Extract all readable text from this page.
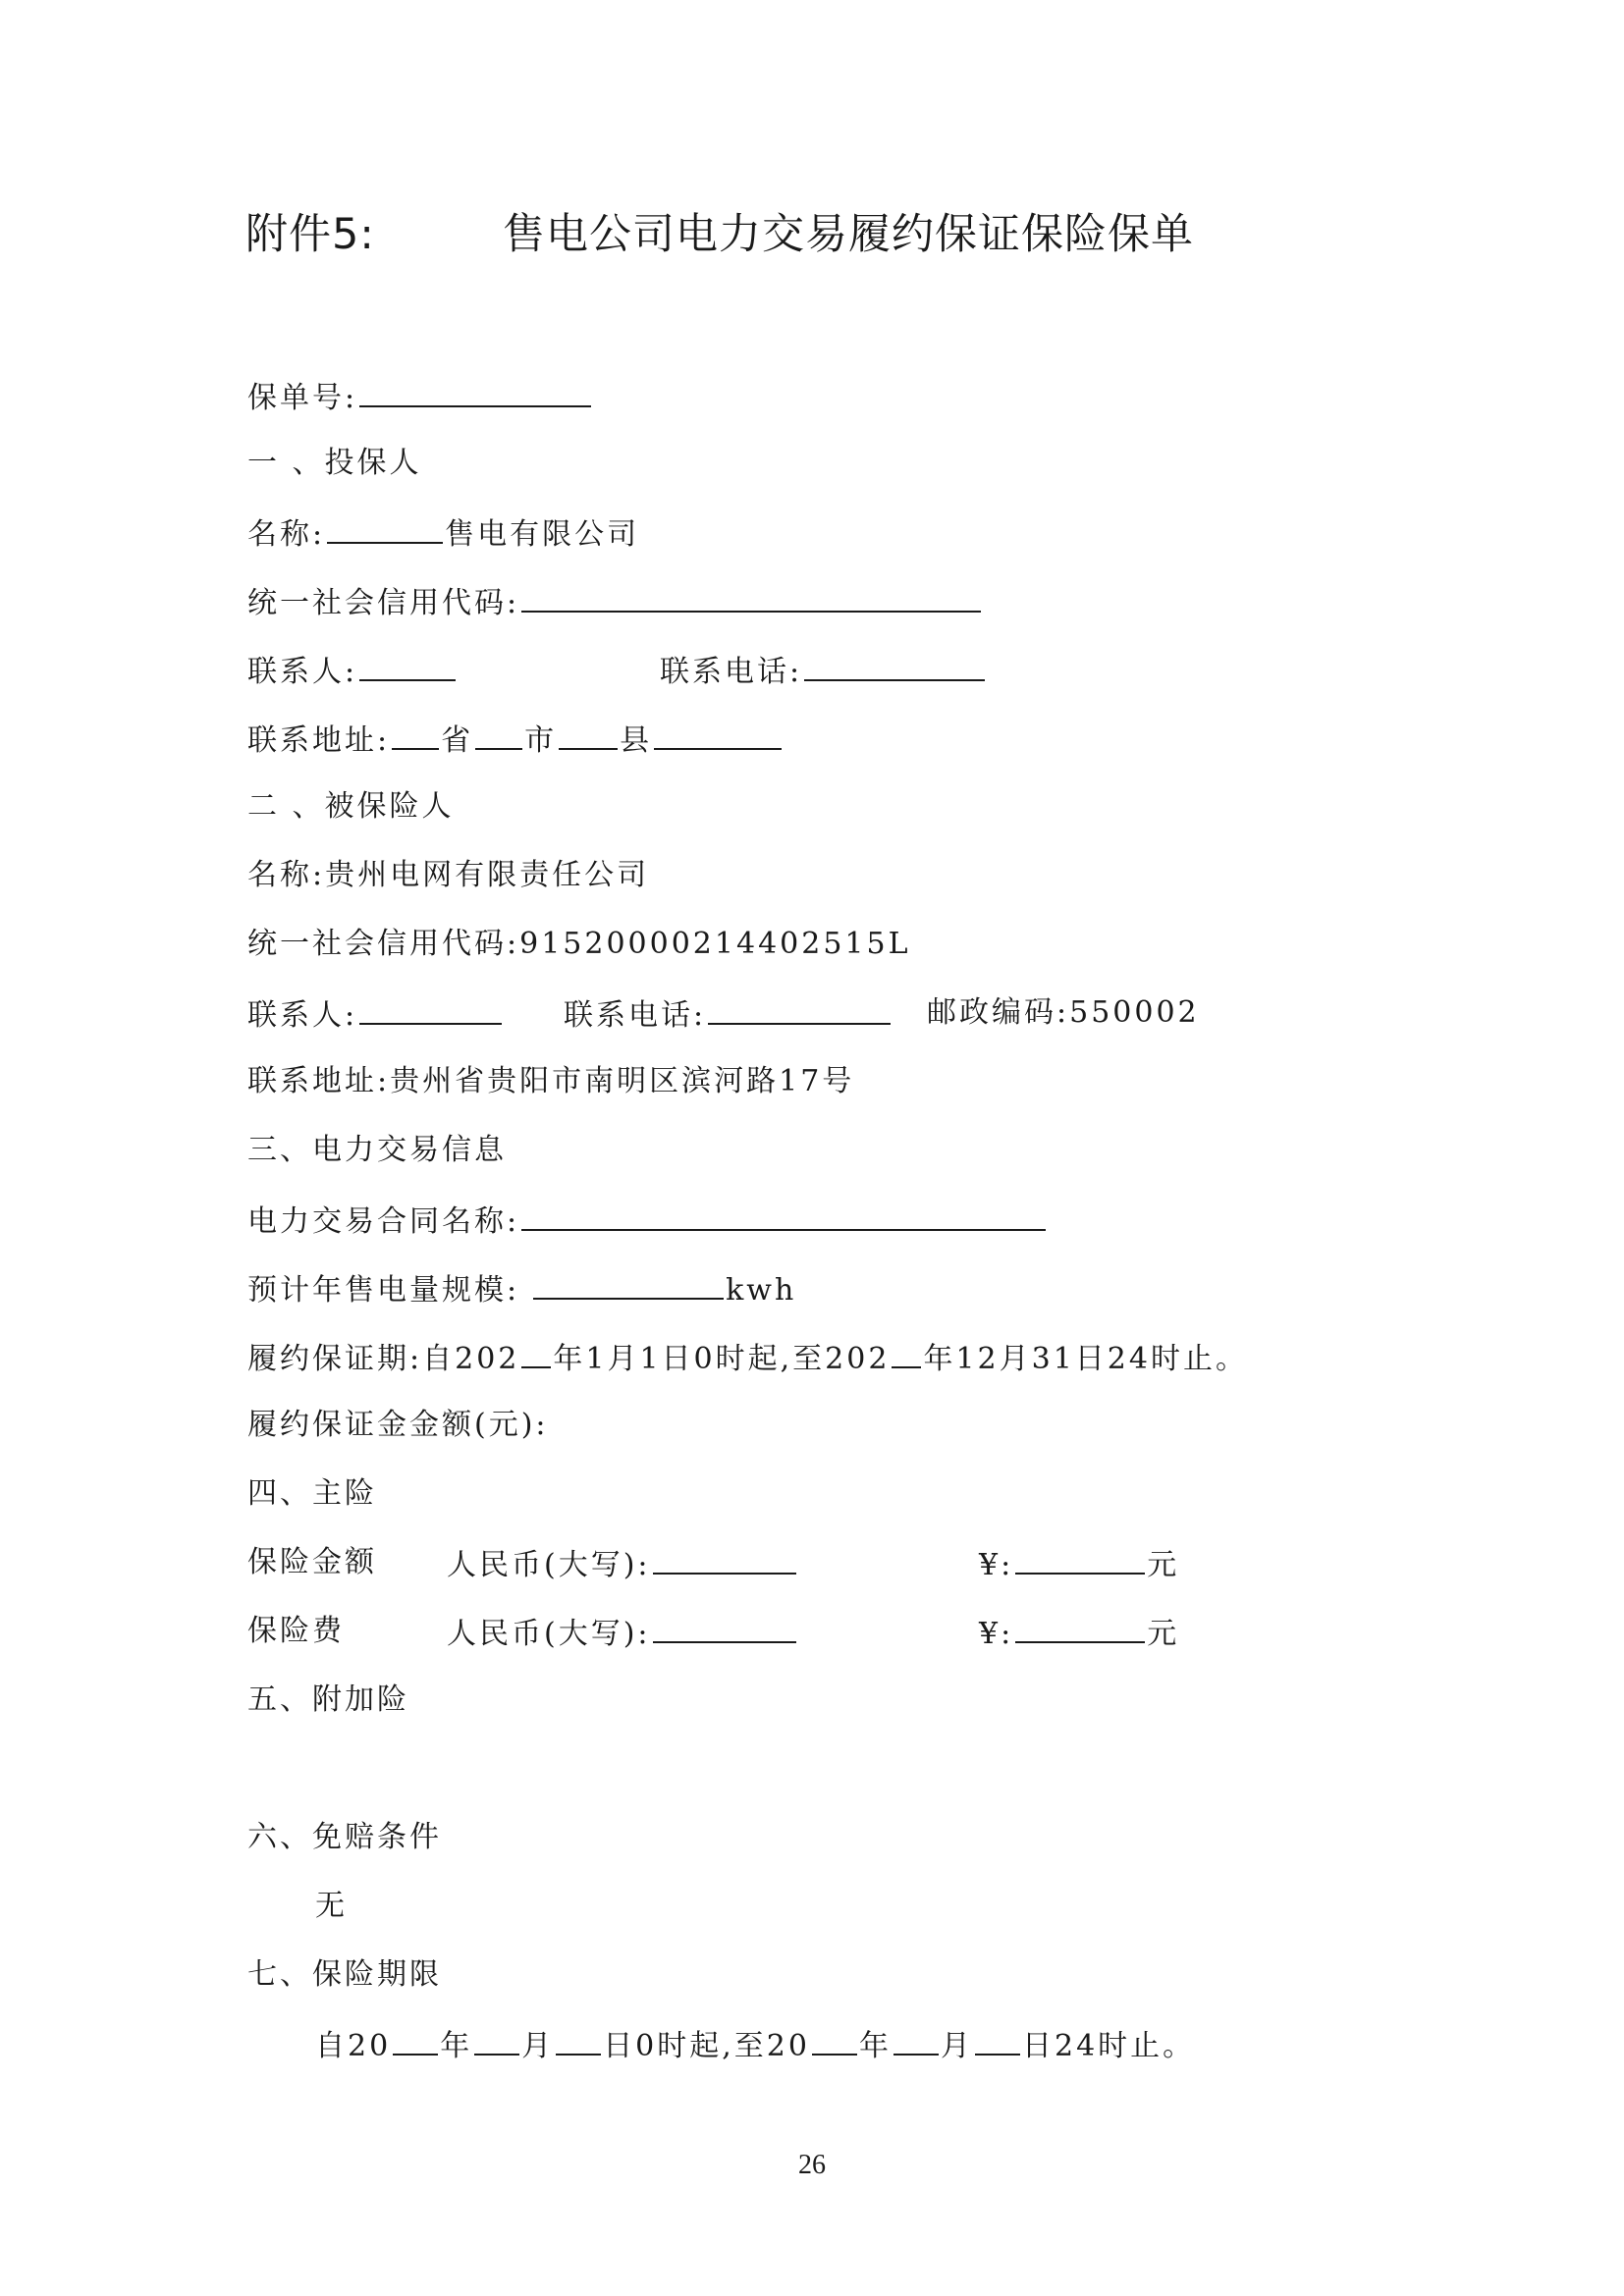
附件5:	售电公司电力交易履约保证保险保单
保单号:
一 、投保人
名称:	售电有限公司
统一社会信用代码:
联系人:	联系电话:
联系地址: 省 市 县
二 、被保险人
名称:贵州电网有限责任公司
统一社会信用代码:91520000214402515L
联系人:	联系电话:	邮政编码:550002
联系地址:贵州省贵阳市南明区滨河路17号
三、电力交易信息
电力交易合同名称:
预计年售电量规模:	kwh
履约保证期:自202 年1月1日0时起,至202 年12月31日24时止。
履约保证金金额(元):
四、主险
保险金额 人民币(大写):	¥:	元
保险费	人民币(大写):	¥:	元
五、附加险
六、免赔条件
无
七、保险期限
自20 年 月 日0时起,至20 年 月 日24时止。
26
